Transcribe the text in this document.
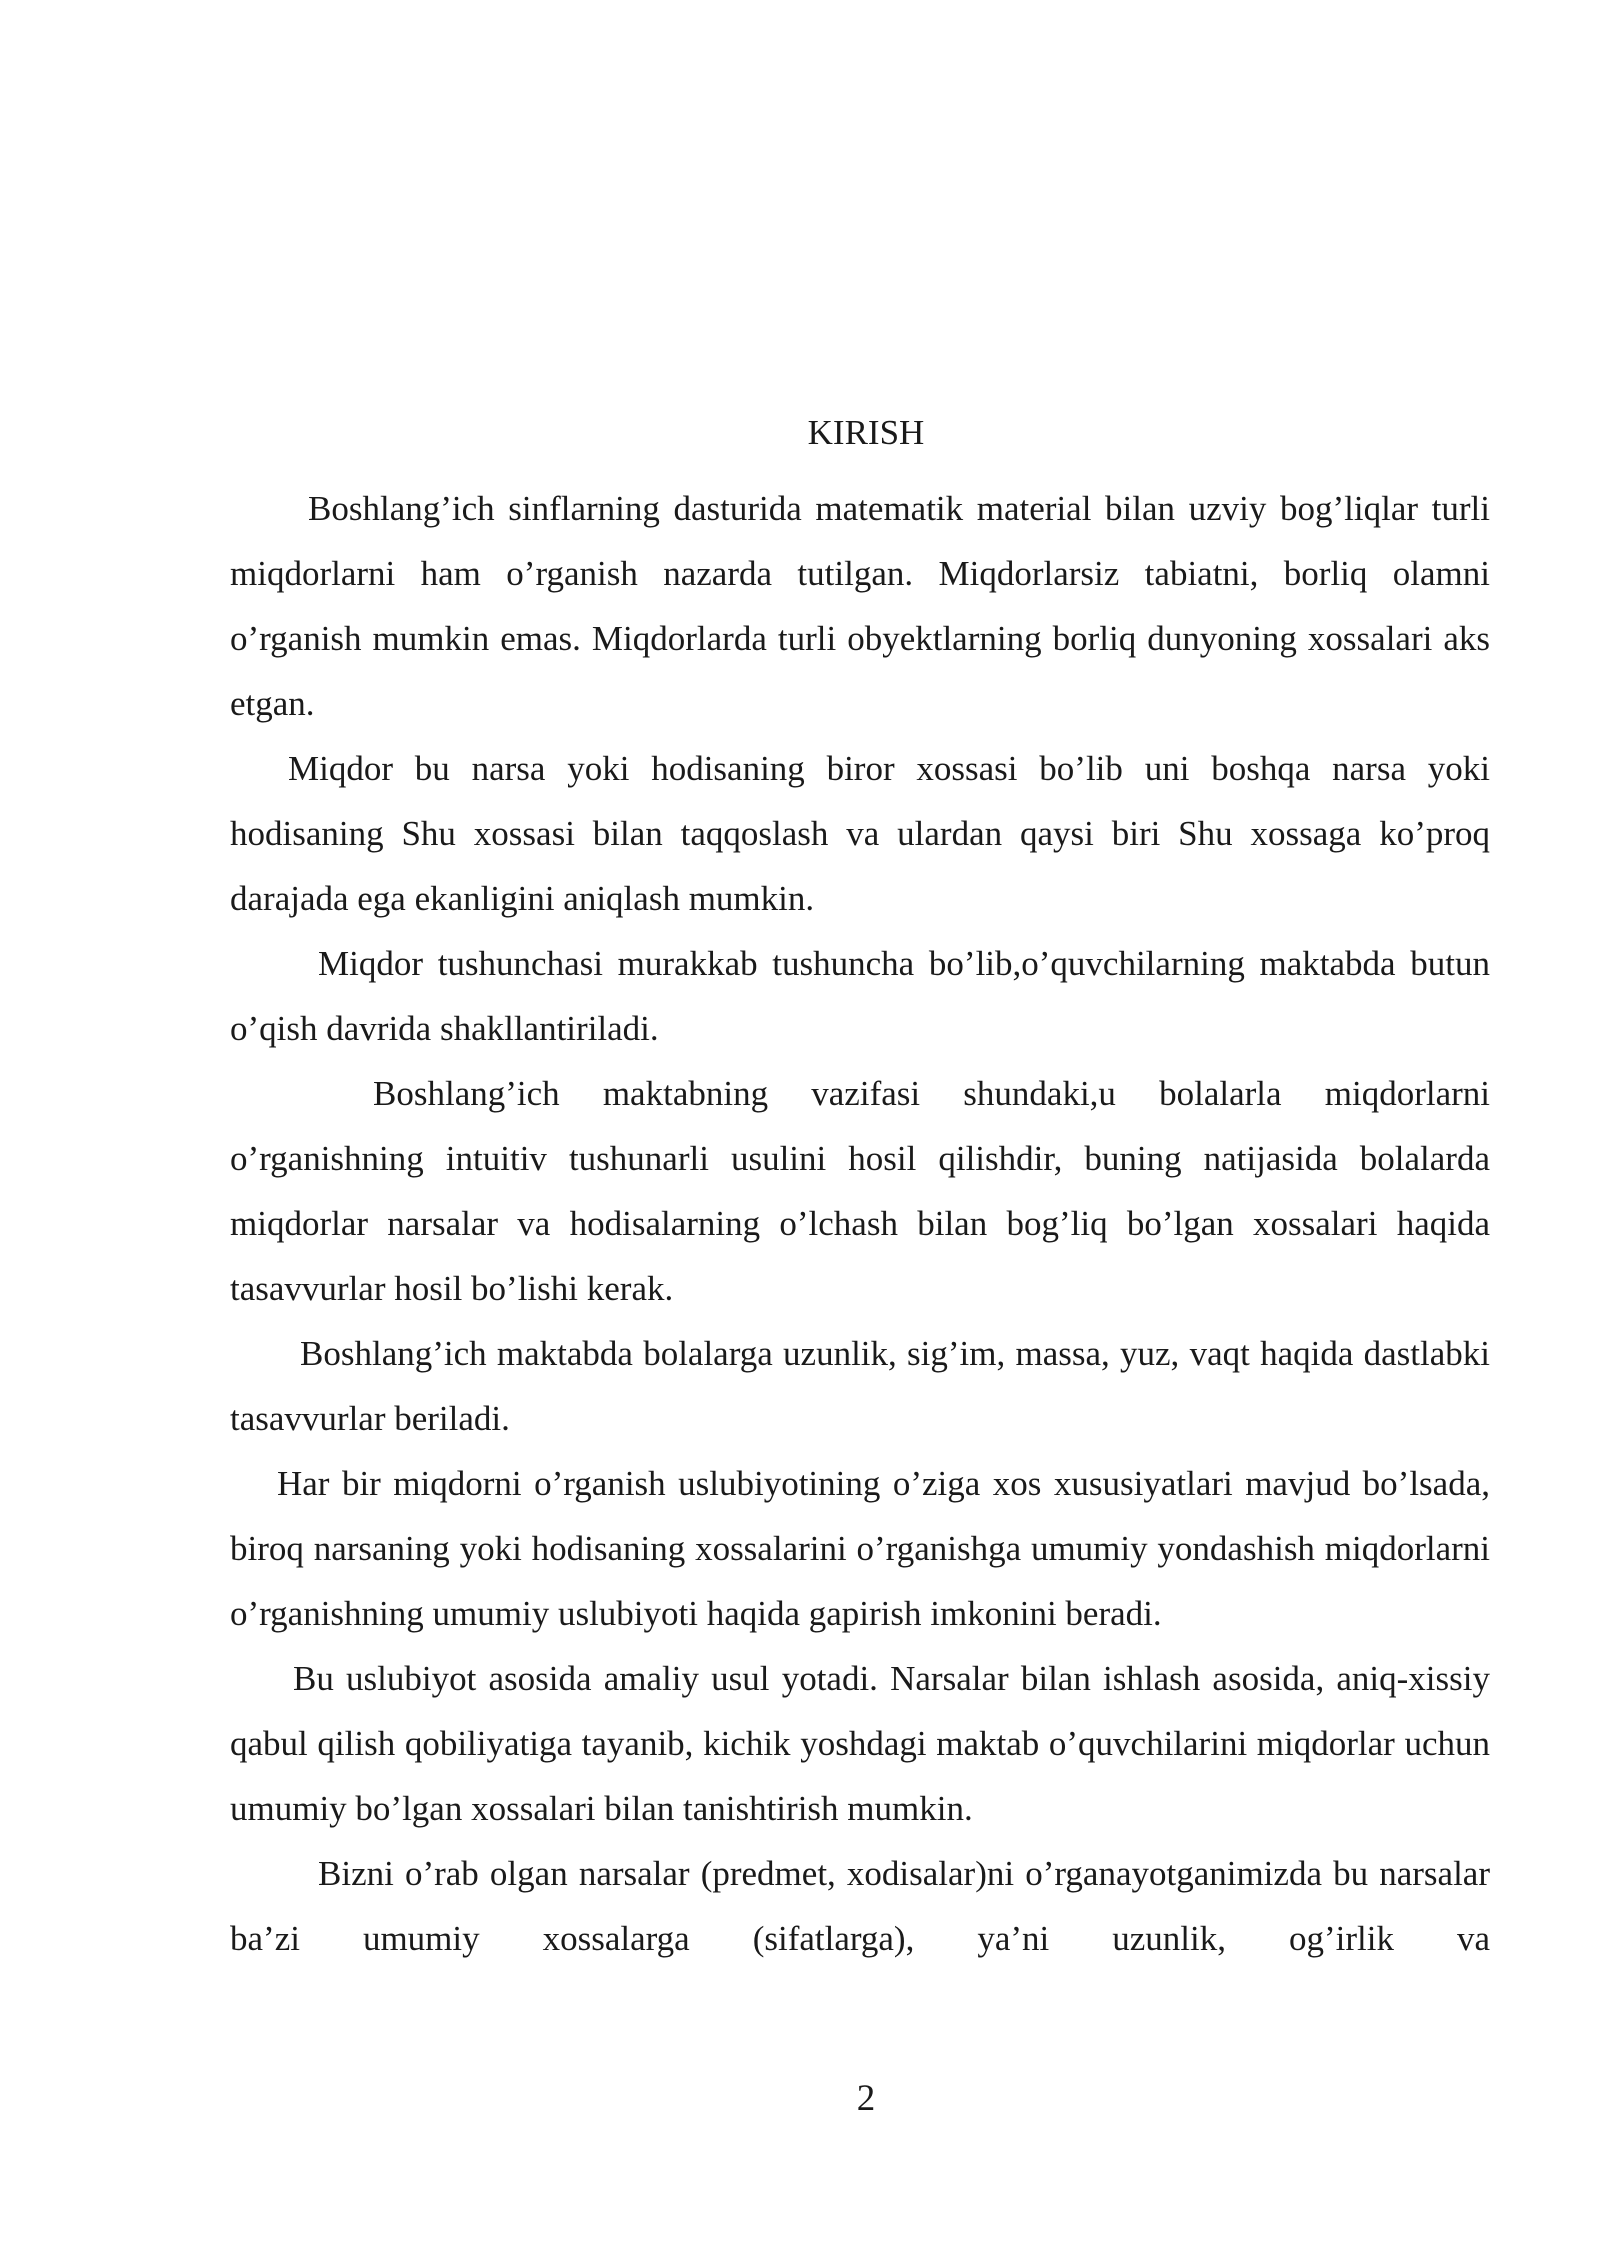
KIRISH

Boshlang’ich sinflarning dasturida matematik material bilan uzviy bog’liqlar turli miqdorlarni ham o’rganish nazarda tutilgan. Miqdorlarsiz tabiatni, borliq olamni o’rganish mumkin emas. Miqdorlarda turli obyektlarning borliq dunyoning xossalari aks etgan.

Miqdor bu narsa yoki hodisaning biror xossasi bo’lib uni boshqa narsa yoki hodisaning Shu xossasi bilan taqqoslash va ulardan qaysi biri Shu xossaga ko’proq darajada ega ekanligini aniqlash mumkin.

Miqdor tushunchasi murakkab tushuncha bo’lib,o’quvchilarning maktabda butun o’qish davrida shakllantiriladi.

Boshlang’ich maktabning vazifasi shundaki,u bolalarla miqdorlarni o’rganishning intuitiv tushunarli usulini hosil qilishdir, buning natijasida bolalarda miqdorlar narsalar va hodisalarning o’lchash bilan bog’liq bo’lgan xossalari haqida tasavvurlar hosil bo’lishi kerak.

Boshlang’ich maktabda bolalarga uzunlik, sig’im, massa, yuz, vaqt haqida dastlabki tasavvurlar beriladi.

Har bir miqdorni o’rganish uslubiyotining o’ziga xos xususiyatlari mavjud bo’lsada, biroq narsaning yoki hodisaning xossalarini o’rganishga umumiy yondashish miqdorlarni o’rganishning umumiy uslubiyoti haqida gapirish imkonini beradi.

Bu uslubiyot asosida amaliy usul yotadi. Narsalar bilan ishlash asosida, aniq-xissiy qabul qilish qobiliyatiga tayanib, kichik yoshdagi maktab o’quvchilarini miqdorlar uchun umumiy bo’lgan xossalari bilan tanishtirish mumkin.

Bizni o’rab olgan narsalar (predmet, xodisalar)ni o’rganayotganimizda bu narsalar ba’zi umumiy xossalarga (sifatlarga), ya’ni uzunlik, og’irlik va

2
